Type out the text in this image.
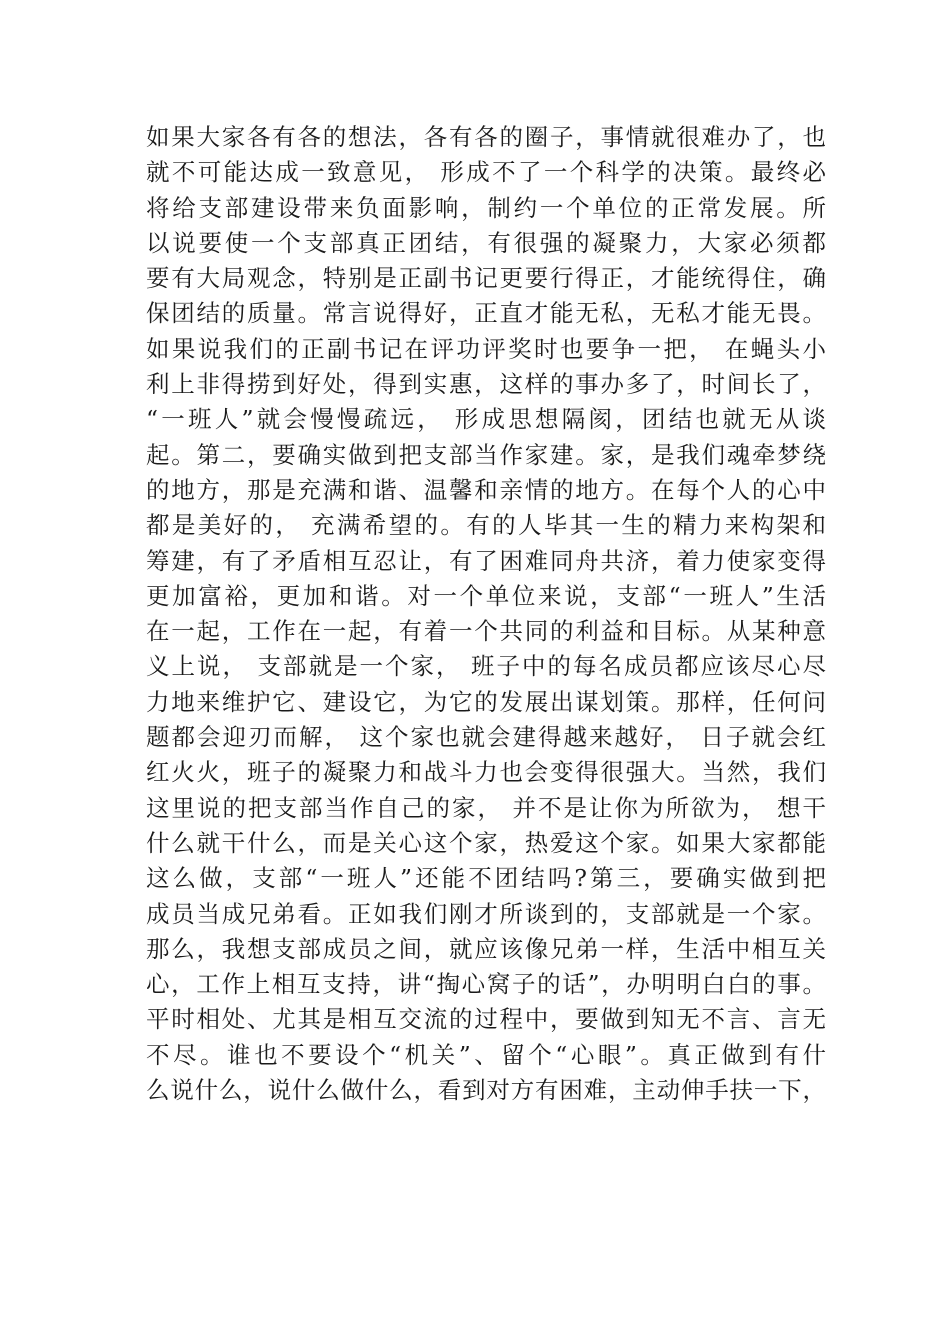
如果大家各有各的想法，各有各的圈子，事情就很难办了，也
就不可能达成一致意见， 形成不了一个科学的决策。最终必
将给支部建设带来负面影响，制约一个单位的正常发展。所
以说要使一个支部真正团结，有很强的凝聚力，大家必须都
要有大局观念，特别是正副书记更要行得正，才能统得住，确
保团结的质量。常言说得好，正直才能无私，无私才能无畏。
如果说我们的正副书记在评功评奖时也要争一把， 在蝇头小
利上非得捞到好处，得到实惠，这样的事办多了，时间长了，
“一班人”就会慢慢疏远， 形成思想隔阂，团结也就无从谈
起。第二，要确实做到把支部当作家建。家，是我们魂牵梦绕
的地方，那是充满和谐、温馨和亲情的地方。在每个人的心中
都是美好的， 充满希望的。有的人毕其一生的精力来构架和
筹建，有了矛盾相互忍让，有了困难同舟共济，着力使家变得
更加富裕，更加和谐。对一个单位来说，支部“一班人”生活
在一起，工作在一起，有着一个共同的利益和目标。从某种意
义上说， 支部就是一个家， 班子中的每名成员都应该尽心尽
力地来维护它、建设它，为它的发展出谋划策。那样，任何问
题都会迎刃而解， 这个家也就会建得越来越好， 日子就会红
红火火，班子的凝聚力和战斗力也会变得很强大。当然，我们
这里说的把支部当作自己的家， 并不是让你为所欲为， 想干
什么就干什么，而是关心这个家，热爱这个家。如果大家都能
这么做，支部“一班人”还能不团结吗?第三，要确实做到把
成员当成兄弟看。正如我们刚才所谈到的，支部就是一个家。
那么，我想支部成员之间，就应该像兄弟一样，生活中相互关
心，工作上相互支持，讲“掏心窝子的话”，办明明白白的事。
平时相处、尤其是相互交流的过程中，要做到知无不言、言无
不尽。谁也不要设个“机关”、留个“心眼”。真正做到有什
么说什么，说什么做什么，看到对方有困难，主动伸手扶一下，
